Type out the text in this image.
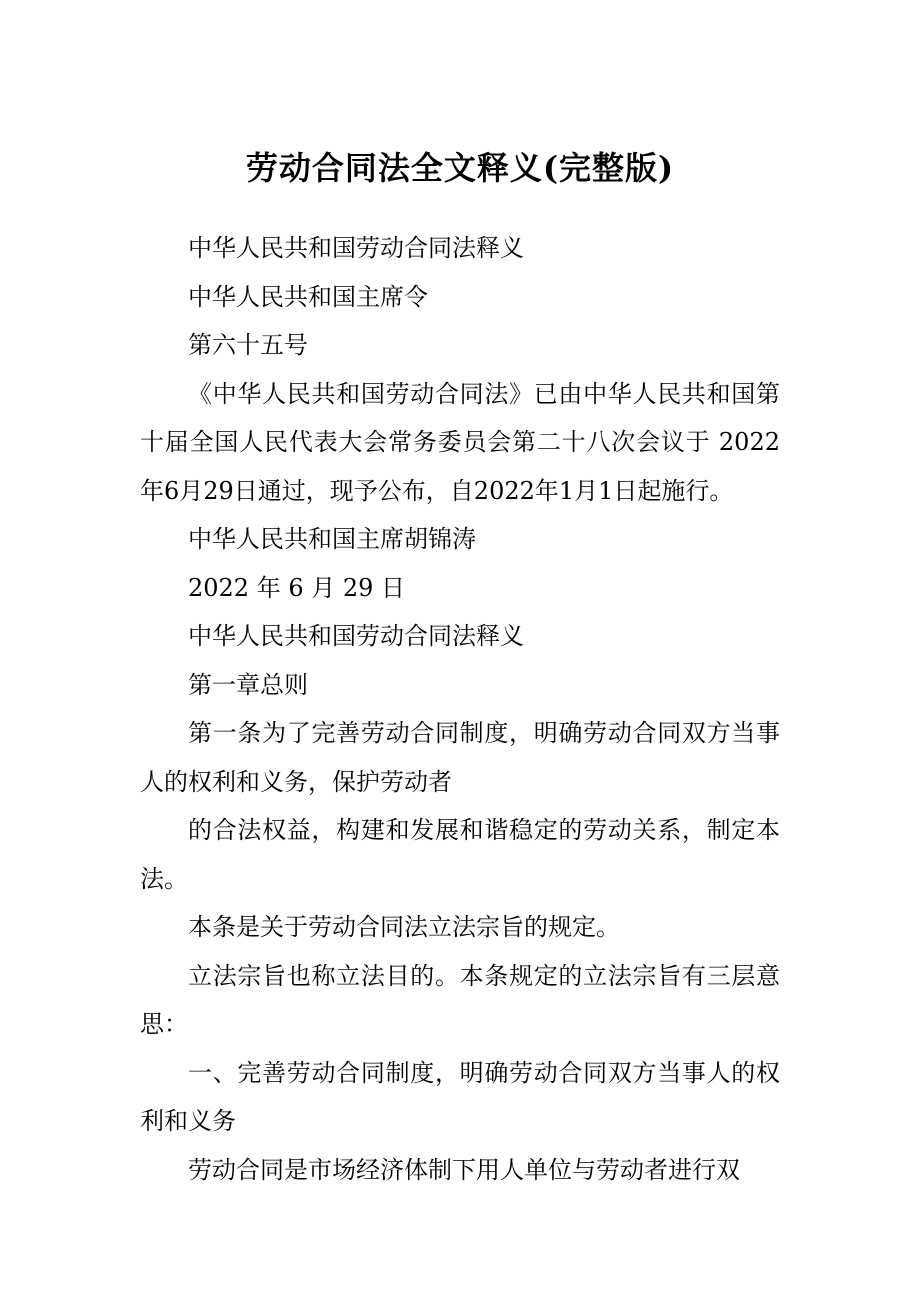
劳动合同法全文释义(完整版)

中华人民共和国劳动合同法释义

中华人民共和国主席令

第六十五号

《中华人民共和国劳动合同法》已由中华人民共和国第十届全国人民代表大会常务委员会第二十八次会议于 2022年6月29日通过，现予公布，自2022年1月1日起施行。

中华人民共和国主席胡锦涛

2022 年 6 月 29 日

中华人民共和国劳动合同法释义

第一章总则

第一条为了完善劳动合同制度，明确劳动合同双方当事人的权利和义务，保护劳动者

的合法权益，构建和发展和谐稳定的劳动关系，制定本法。

本条是关于劳动合同法立法宗旨的规定。

立法宗旨也称立法目的。本条规定的立法宗旨有三层意思：

一、完善劳动合同制度，明确劳动合同双方当事人的权利和义务

劳动合同是市场经济体制下用人单位与劳动者进行双
